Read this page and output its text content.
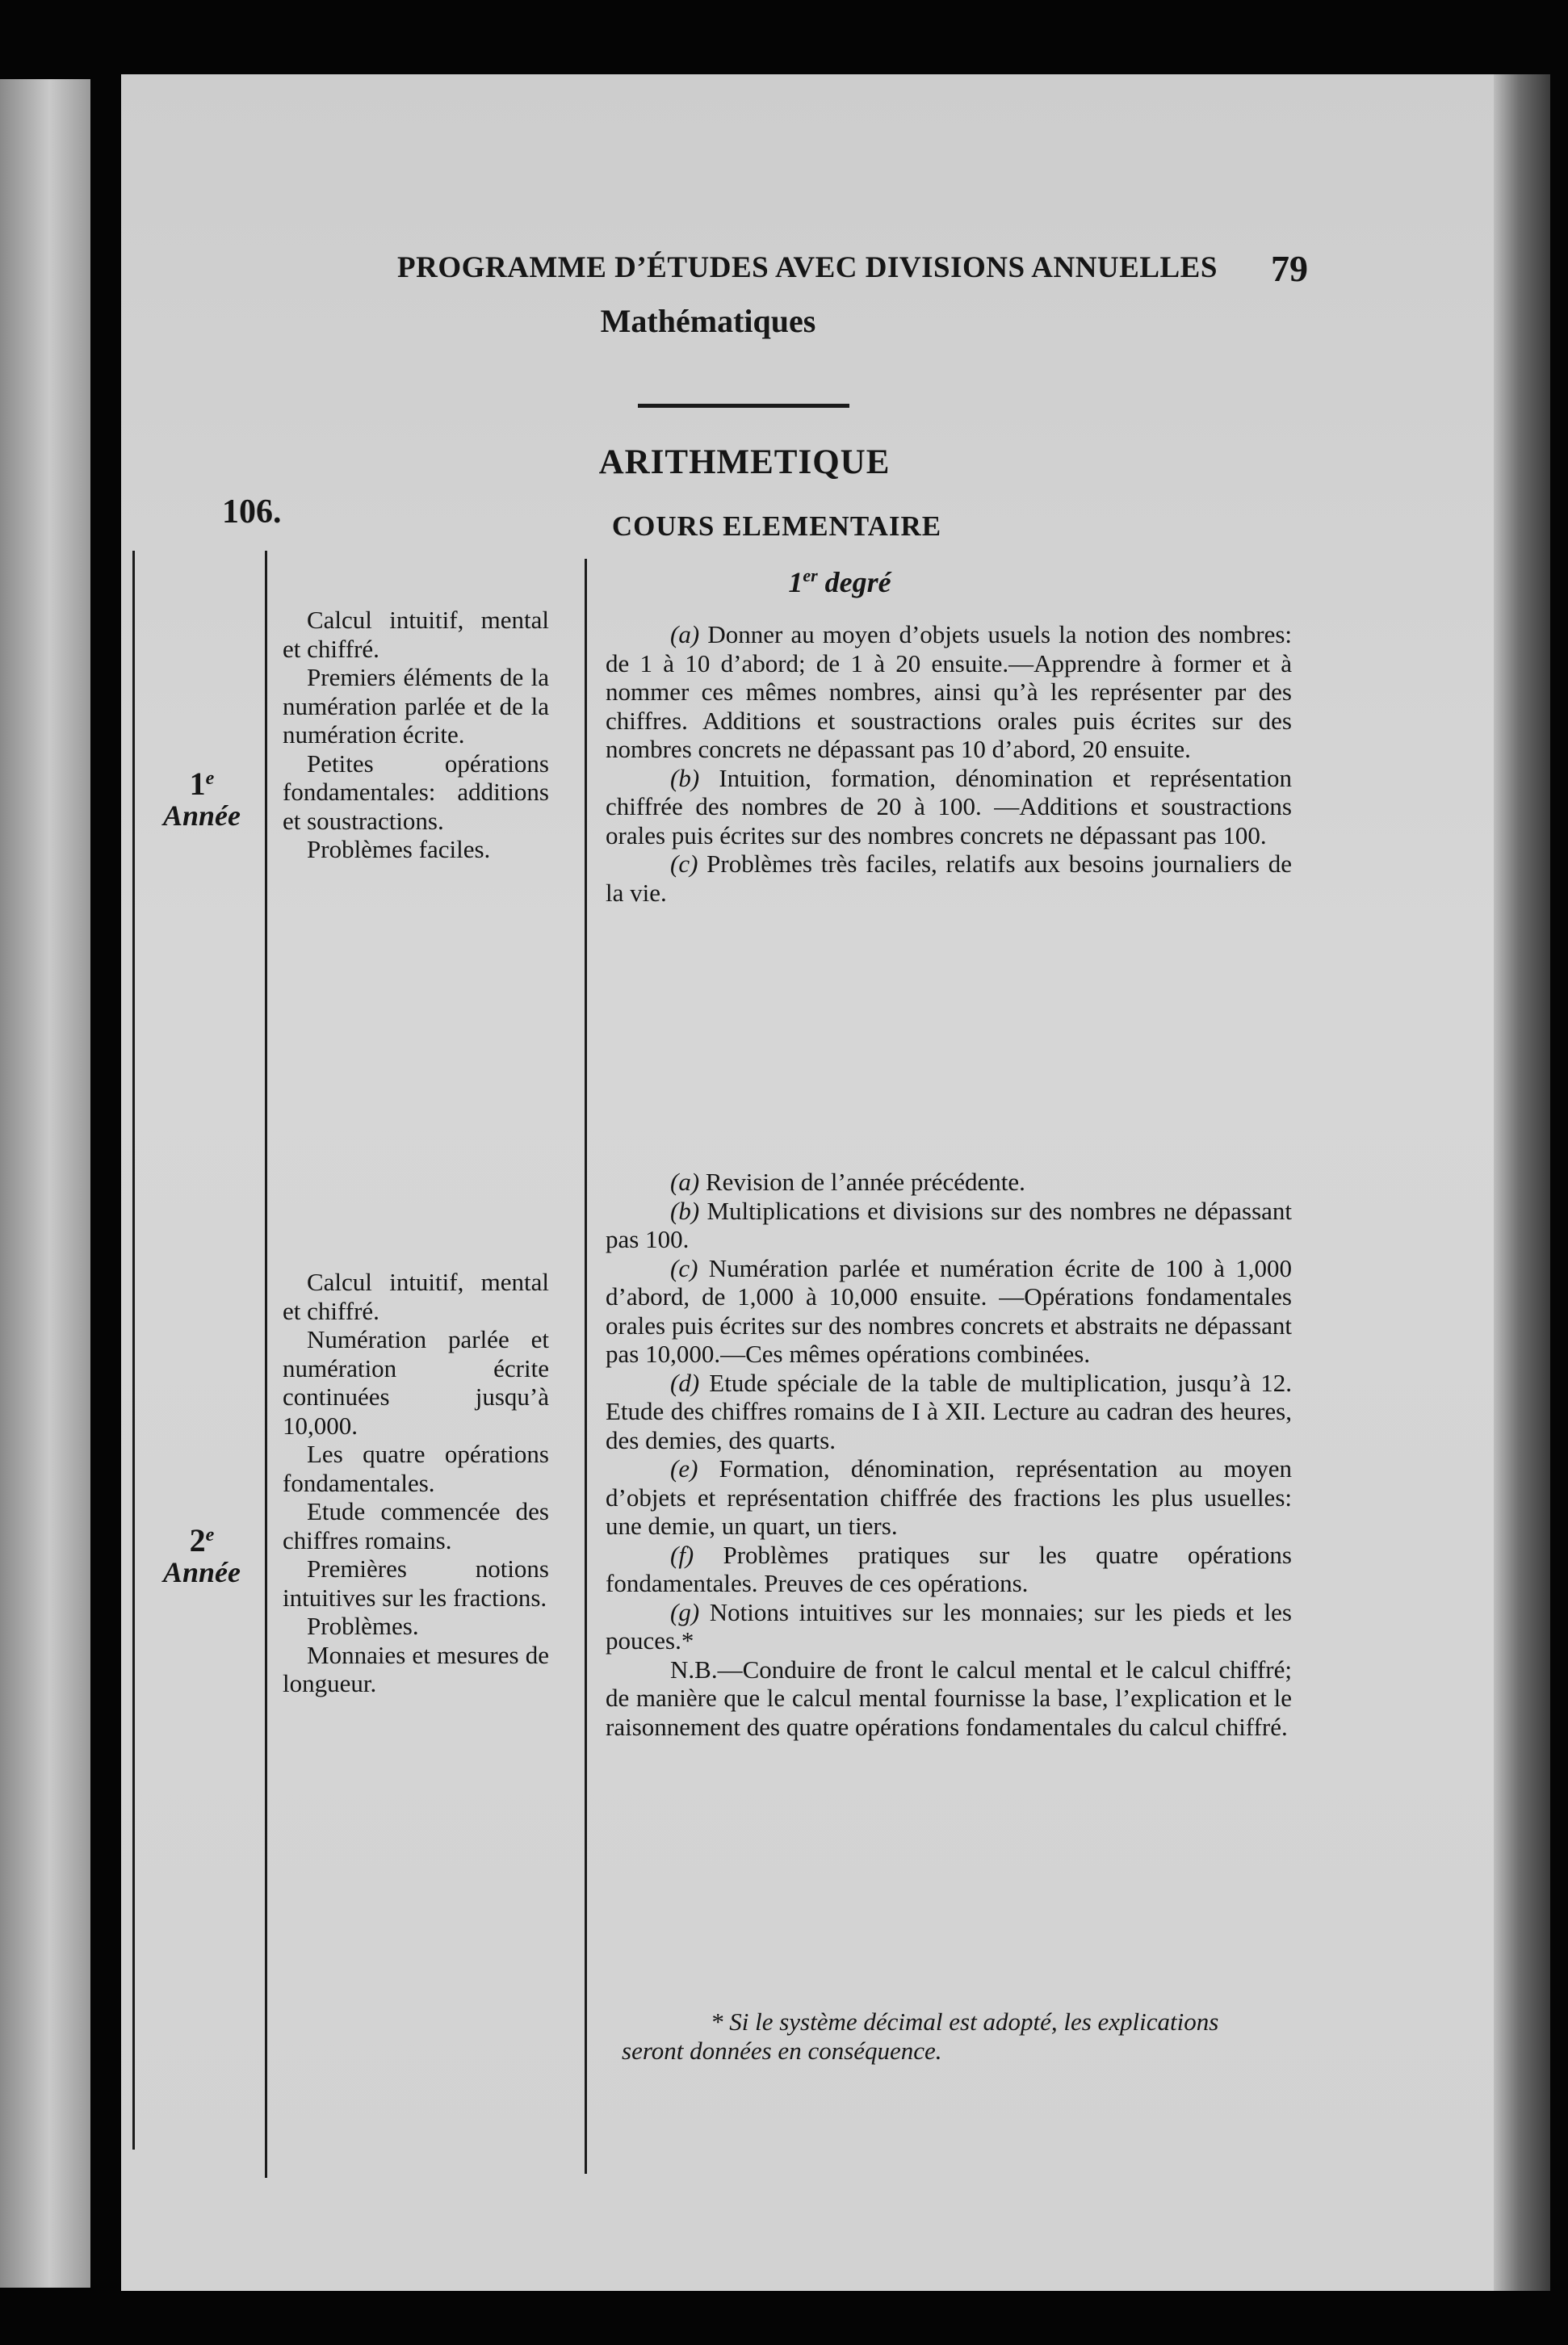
PROGRAMME D’ÉTUDES AVEC DIVISIONS ANNUELLES	79
Mathématiques
ARITHMETIQUE
COURS ELEMENTAIRE
1er degré
106.
1e
Année

Calcul intuitif, mental et chiffré.

Premiers éléments de la numération parlée et de la numération écrite.

Petites opérations fondamentales: additions et soustractions.

Problèmes faciles.

(a) Donner au moyen d’objets usuels la notion des nombres: de 1 à 10 d’abord; de 1 à 20 ensuite.—Apprendre à former et à nommer ces mêmes nombres, ainsi qu’à les représenter par des chiffres. Additions et soustractions orales puis écrites sur des nombres concrets ne dépassant pas 10 d’abord, 20 ensuite.

(b) Intuition, formation, dénomination et représentation chiffrée des nombres de 20 à 100. —Additions et soustractions orales puis écrites sur des nombres concrets ne dépassant pas 100.

(c) Problèmes très faciles, relatifs aux besoins journaliers de la vie.

2e
Année

Calcul intuitif, mental et chiffré.

Numération parlée et numération écrite continuées jusqu’à 10,000.

Les quatre opérations fondamentales.

Etude commencée des chiffres romains.

Premières notions intuitives sur les fractions.

Problèmes.

Monnaies et mesures de longueur.

(a) Revision de l’année précédente.

(b) Multiplications et divisions sur des nombres ne dépassant pas 100.

(c) Numération parlée et numération écrite de 100 à 1,000 d’abord, de 1,000 à 10,000 ensuite. —Opérations fondamentales orales puis écrites sur des nombres concrets et abstraits ne dépassant pas 10,000.—Ces mêmes opérations combinées.

(d) Etude spéciale de la table de multiplication, jusqu’à 12. Etude des chiffres romains de I à XII. Lecture au cadran des heures, des demies, des quarts.

(e) Formation, dénomination, représentation au moyen d’objets et représentation chiffrée des fractions les plus usuelles: une demie, un quart, un tiers.

(f) Problèmes pratiques sur les quatre opérations fondamentales. Preuves de ces opérations.

(g) Notions intuitives sur les monnaies; sur les pieds et les pouces.*

N.B.—Conduire de front le calcul mental et le calcul chiffré; de manière que le calcul mental fournisse la base, l’explication et le raisonnement des quatre opérations fondamentales du calcul chiffré.

* Si le système décimal est adopté, les explications seront données en conséquence.
